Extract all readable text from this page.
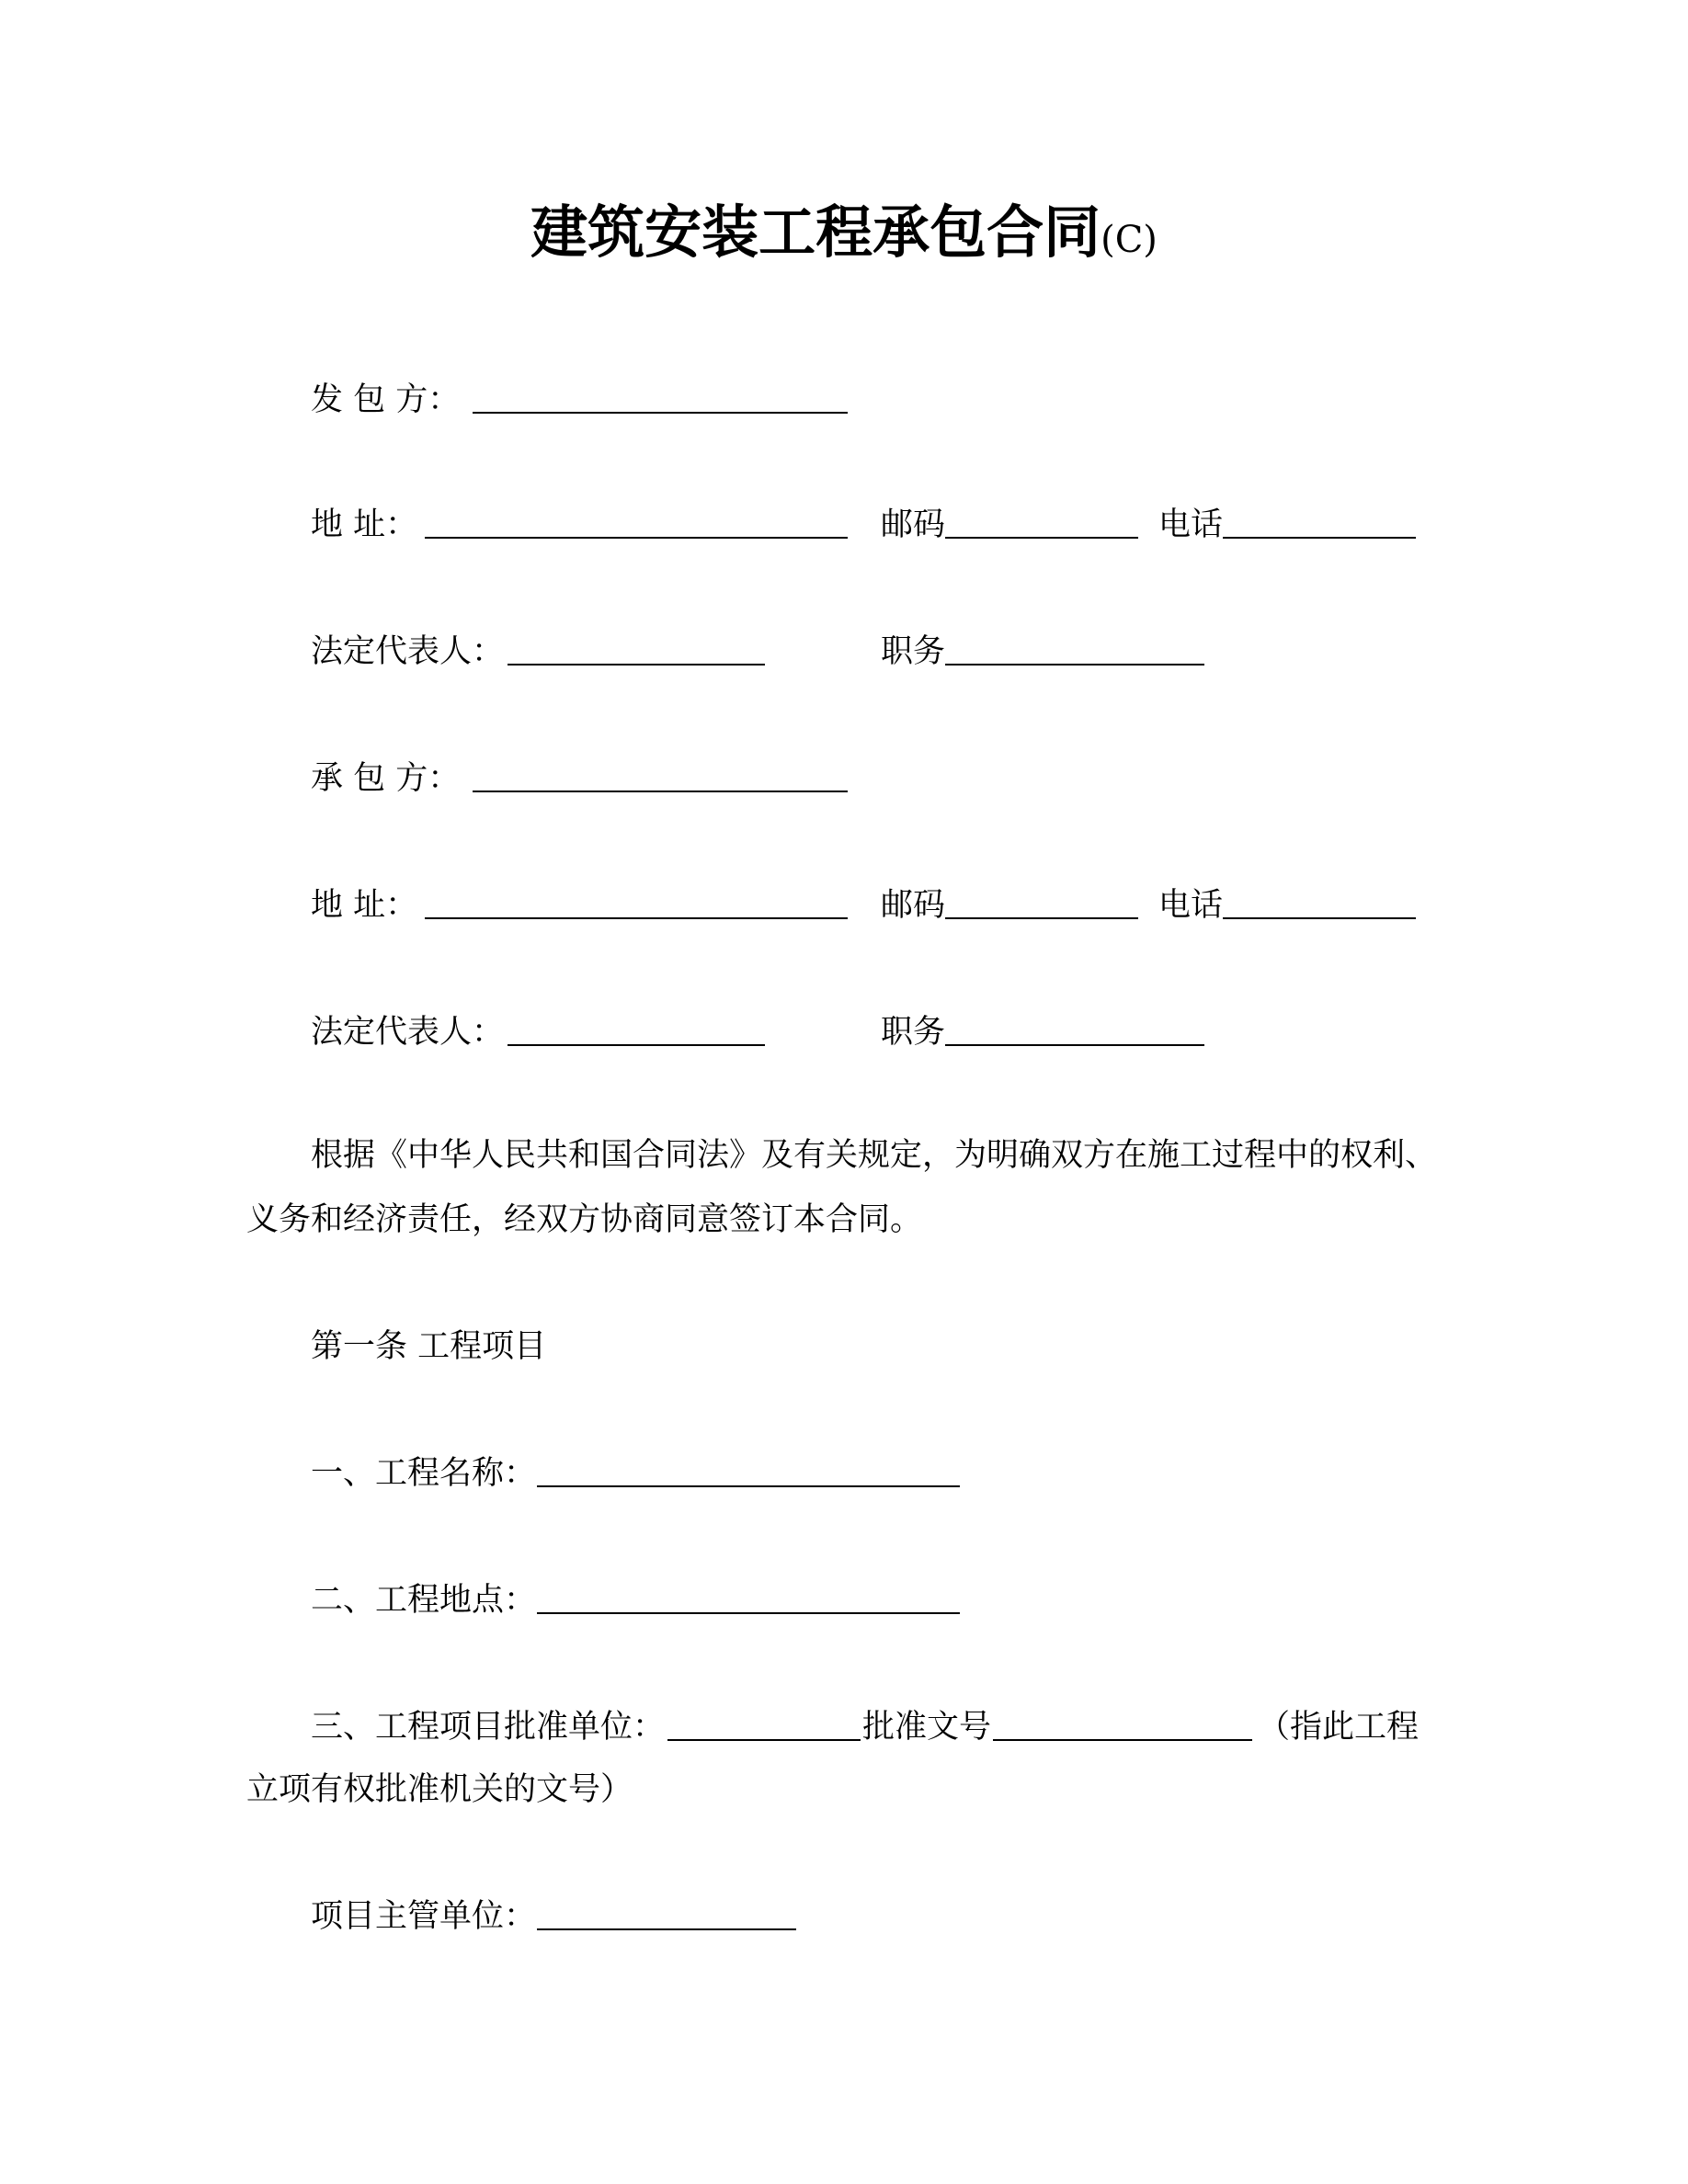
建筑安装工程承包合同(C)
发 包 方：
地 址：	邮码	电话
法定代表人：	职务
承 包 方：
地 址：	邮码	电话
法定代表人：	职务
根据《中华人民共和国合同法》及有关规定，为明确双方在施工过程中的权利、
义务和经济责任，经双方协商同意签订本合同。
第一条 工程项目
一、工程名称：
二、工程地点：
三、工程项目批准单位：	批准文号	（指此工程
立项有权批准机关的文号）
项目主管单位：
